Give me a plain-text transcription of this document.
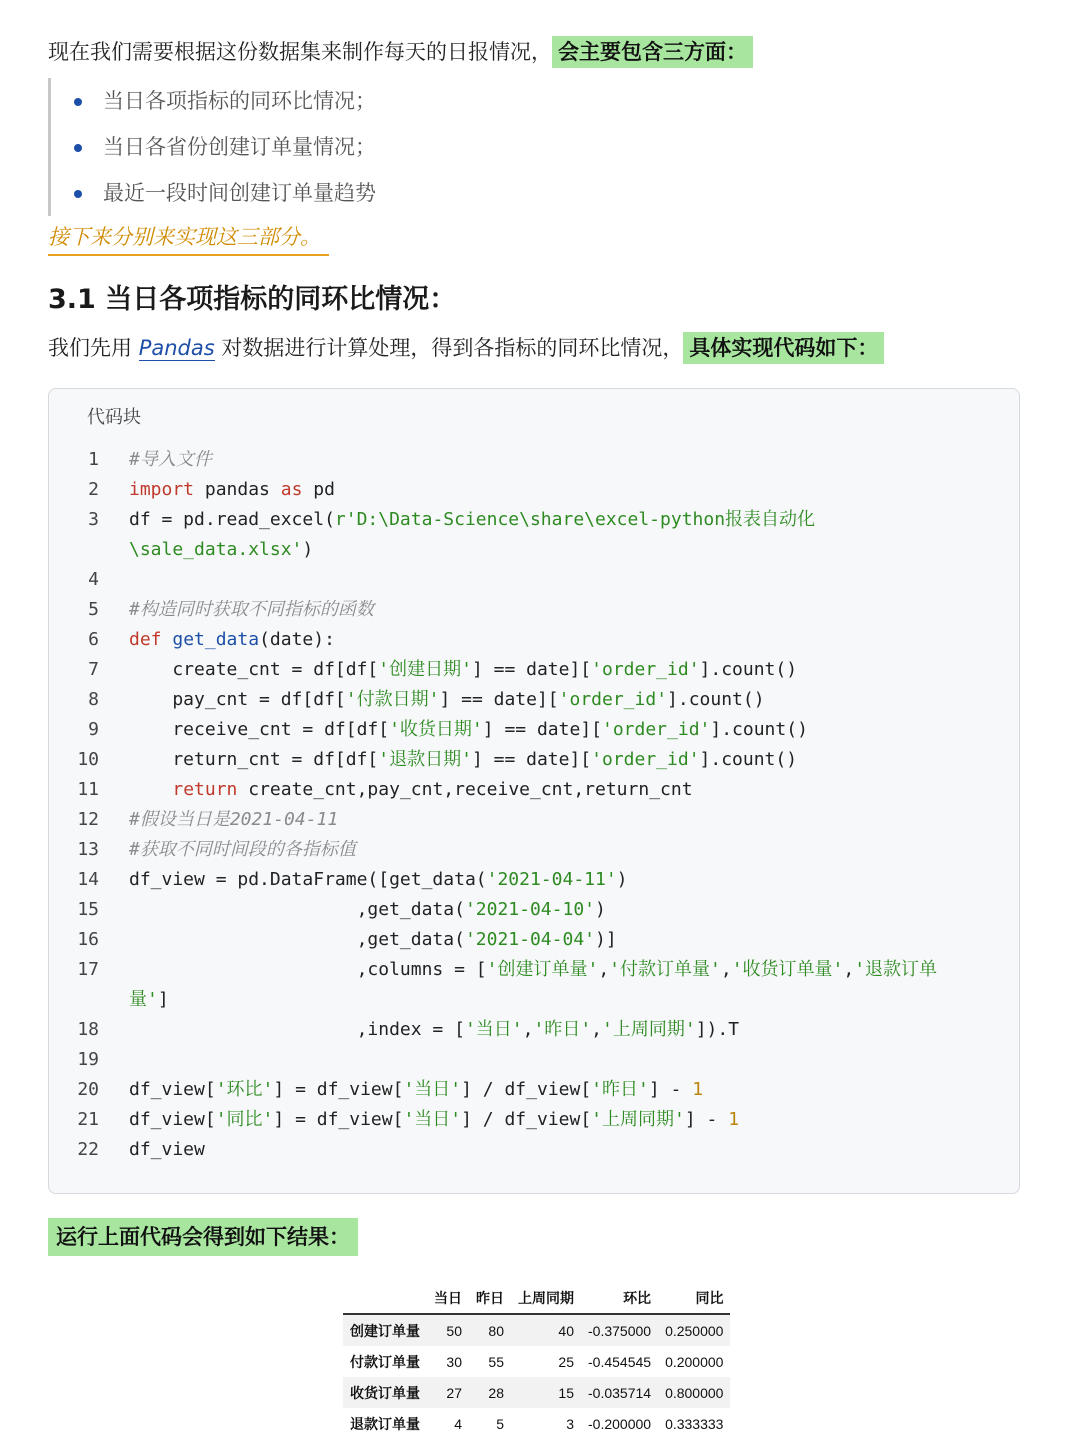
现在我们需要根据这份数据集来制作每天的日报情况， 会主要包含三方面：
当日各项指标的同环比情况；
当日各省份创建订单量情况；
最近一段时间创建订单量趋势
接下来分别来实现这三部分。
3.1 当日各项指标的同环比情况：
我们先用 Pandas 对数据进行计算处理，得到各指标的同环比情况， 具体实现代码如下：
代码块
1 #导入文件
2 import pandas as pd
3 df = pd.read_excel(r'D:\Data-Science\share\excel-python报表自动化
\sale_data.xlsx')
4
5 #构造同时获取不同指标的函数
6 def get_data(date):
7 create_cnt = df[df['创建日期'] == date]['order_id'].count()
8 pay_cnt = df[df['付款日期'] == date]['order_id'].count()
9 receive_cnt = df[df['收货日期'] == date]['order_id'].count()
10 return_cnt = df[df['退款日期'] == date]['order_id'].count()
11	return create_cnt,pay_cnt,receive_cnt,return_cnt
12 #假设当日是2021-04-11
13 #获取不同时间段的各指标值
14 df_view = pd.DataFrame([get_data('2021-04-11')
15 ,get_data('2021-04-10')
16 ,get_data('2021-04-04')]
17 ,columns = ['创建订单量','付款订单量','收货订单量','退款订单
量']
18 ,index = ['当日','昨日','上周同期']).T
19
20 df_view['环比'] = df_view['当日'] / df_view['昨日'] - 1
21 df_view['同比'] = df_view['当日'] / df_view['上周同期'] - 1
22 df_view
运行上面代码会得到如下结果：
	当日	昨日	上周同期	环比	同比
创建订单量	50	80	40	-0.375000	0.250000
付款订单量	30	55	25	-0.454545	0.200000
收货订单量	27	28	15	-0.035714	0.800000
退款订单量	4	5	3	-0.200000	0.333333
